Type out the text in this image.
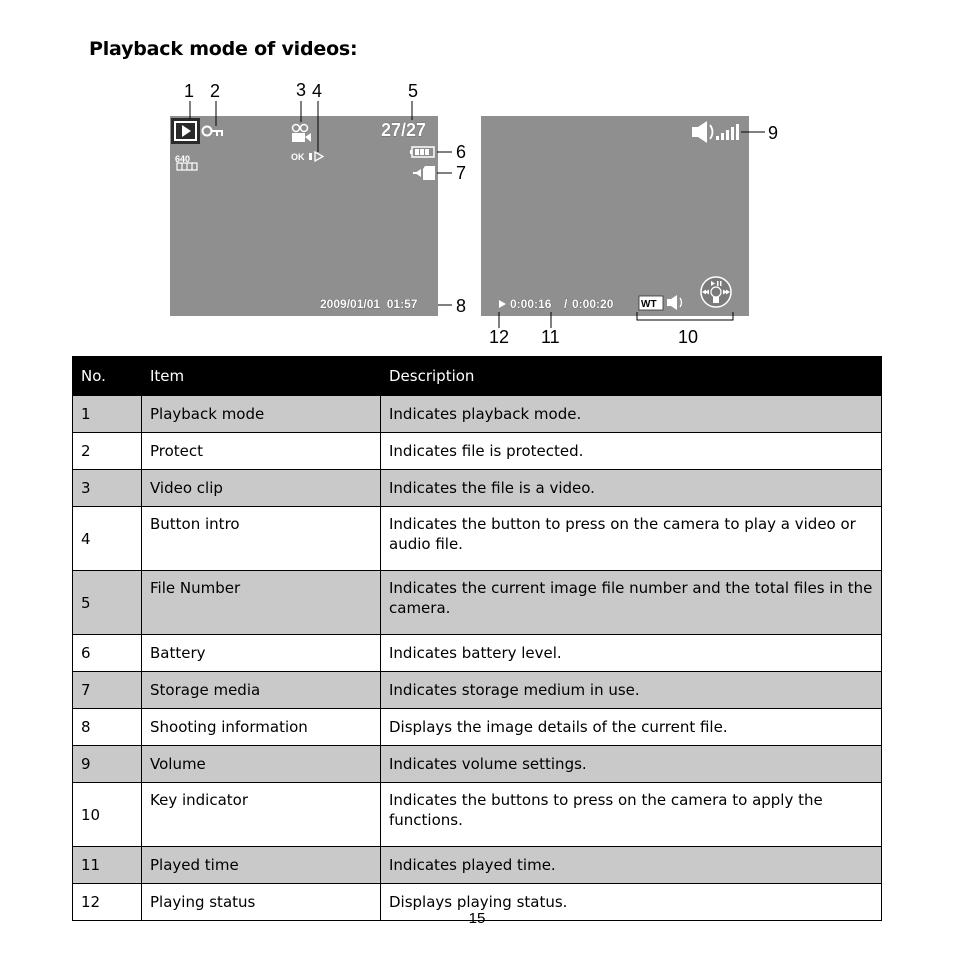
Playback mode of videos:
OK
640
27/27
2009/01/01  01:57
1 2	3 4	5
6
7
8
9
0:00:16 / 0:00:20	WT
10
11
12
No.	Item	Description
1	Playback mode	Indicates playback mode.
2	Protect	Indicates file is protected.
3	Video clip	Indicates the file is a video.
4	Button intro	Indicates the button to press on the camera to play a video or audio file.
5	File Number	Indicates the current image file number and the total files in the camera.
6	Battery	Indicates battery level.
7	Storage media	Indicates storage medium in use.
8	Shooting information	Displays the image details of the current file.
9	Volume	Indicates volume settings.
10	Key indicator	Indicates the buttons to press on the camera to apply the functions.
11	Played time	Indicates played time.
12	Playing status	Displays playing status.
15
